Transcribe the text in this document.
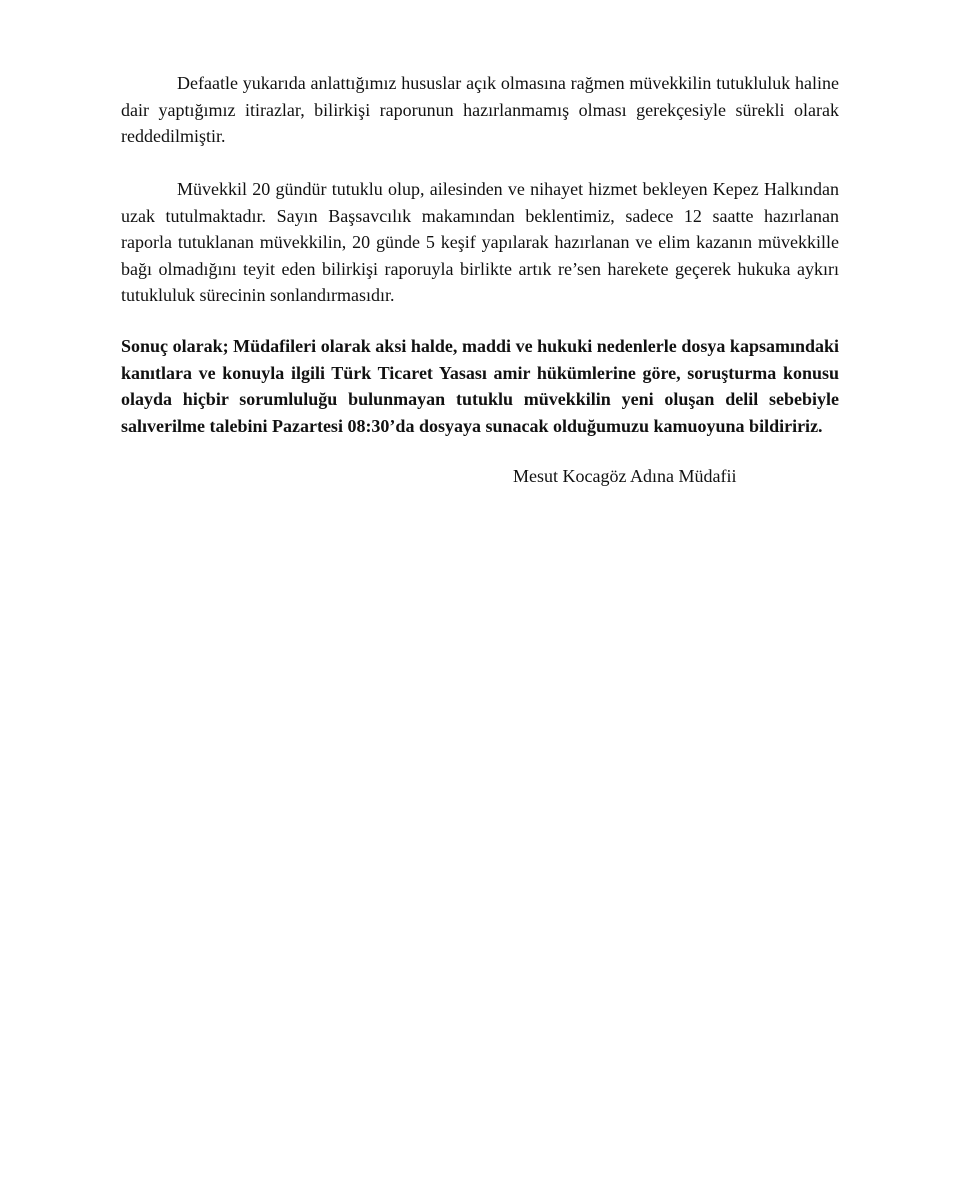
Defaatle yukarıda anlattığımız hususlar açık olmasına rağmen müvekkilin tutukluluk haline dair yaptığımız itirazlar, bilirkişi raporunun hazırlanmamış olması gerekçesiyle sürekli olarak reddedilmiştir.

Müvekkil 20 gündür tutuklu olup, ailesinden ve nihayet hizmet bekleyen Kepez Halkından uzak tutulmaktadır. Sayın Başsavcılık makamından beklentimiz, sadece 12 saatte hazırlanan raporla tutuklanan müvekkilin, 20 günde 5 keşif yapılarak hazırlanan ve elim kazanın müvekkille bağı olmadığını teyit eden bilirkişi raporuyla birlikte artık re’sen harekete geçerek hukuka aykırı tutukluluk sürecinin sonlandırmasıdır.

Sonuç olarak; Müdafileri olarak aksi halde, maddi ve hukuki nedenlerle dosya kapsamındaki kanıtlara ve konuyla ilgili Türk Ticaret Yasası amir hükümlerine göre, soruşturma konusu olayda hiçbir sorumluluğu bulunmayan tutuklu müvekkilin yeni oluşan delil sebebiyle salıverilme talebini Pazartesi 08:30’da dosyaya sunacak olduğumuzu kamuoyuna bildiririz.

Mesut Kocagöz Adına Müdafii
